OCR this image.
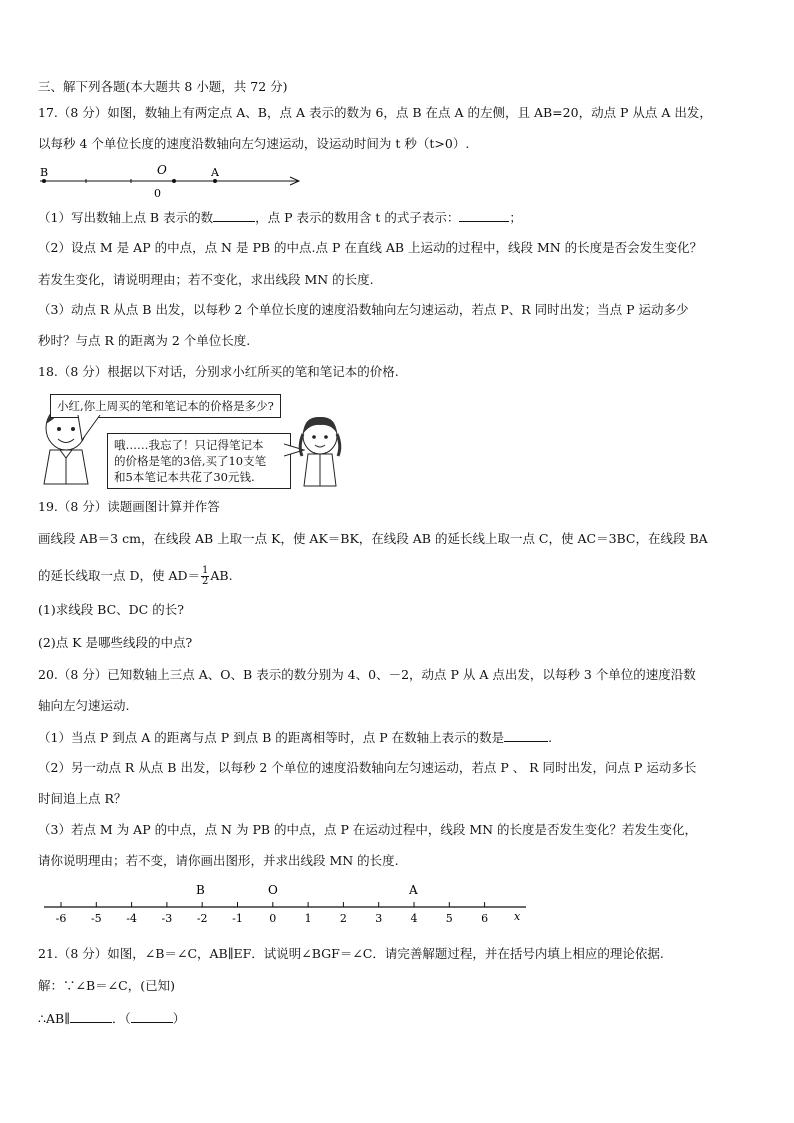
三、解下列各题(本大题共 8 小题，共 72 分)
17.（8 分）如图，数轴上有两定点 A、B，点 A 表示的数为 6，点 B 在点 A 的左侧，且 AB=20，动点 P 从点 A 出发，
以每秒 4 个单位长度的速度沿数轴向左匀速运动，设运动时间为 t 秒（t>0）.
B	O
0
A
（1）写出数轴上点 B 表示的数	，点 P 表示的数用含 t 的式子表示：	；
（2）设点 M 是 AP 的中点，点 N 是 PB 的中点.点 P 在直线 AB 上运动的过程中，线段 MN 的长度是否会发生变化？
若发生变化，请说明理由；若不变化，求出线段 MN 的长度.
（3）动点 R 从点 B 出发，以每秒 2 个单位长度的速度沿数轴向左匀速运动，若点 P、R 同时出发；当点 P 运动多少
秒时？与点 R 的距离为 2 个单位长度.
18.（8 分）根据以下对话，分别求小红所买的笔和笔记本的价格.
小红,你上周买的笔和笔记本的价格是多少?
哦……我忘了！只记得笔记本
的价格是笔的3倍,买了10支笔
和5本笔记本共花了30元钱.
19.（8 分）读题画图计算并作答
画线段 AB＝3 cm，在线段 AB 上取一点 K，使 AK＝BK，在线段 AB 的延长线上取一点 C，使 AC＝3BC，在线段 BA
的延长线取一点 D，使 $AD= \frac{1}{2}$ AB.
(1)求线段 BC、DC 的长?
(2)点 K 是哪些线段的中点?
20.（8 分）已知数轴上三点 A、O、B 表示的数分别为 4、0、－2，动点 P 从 A 点出发，以每秒 3 个单位的速度沿数
轴向左匀速运动.
（1）当点 P 到点 A 的距离与点 P 到点 B 的距离相等时，点 P 在数轴上表示的数是	.
（2）另一动点 R 从点 B 出发，以每秒 2 个单位的速度沿数轴向左匀速运动，若点 P 、 R 同时出发，问点 P 运动多长
时间追上点 R？
（3）若点 M 为 AP 的中点，点 N 为 PB 的中点，点 P 在运动过程中，线段 MN 的长度是否发生变化？若发生变化，
请你说明理由；若不变，请你画出图形，并求出线段 MN 的长度.
-6 -5 -4 -3 -2 -1 0	1	2	3	4	5	6
B	O	A
x
21.（8 分）如图，∠B＝∠C，AB∥EF．试说明∠BGF＝∠C．请完善解题过程，并在括号内填上相应的理论依据.
解：∵∠B＝∠C，(已知)
∴AB∥	．（	）
